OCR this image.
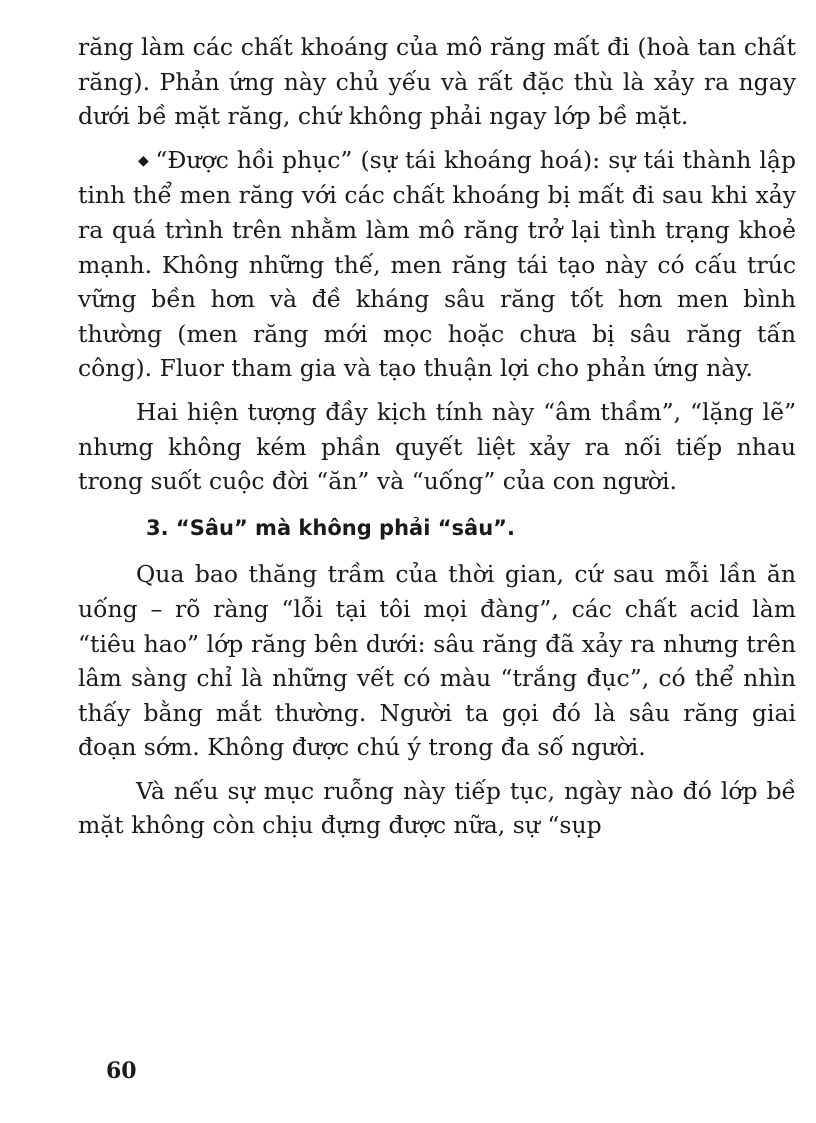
răng làm các chất khoáng của mô răng mất đi (hoà tan chất răng). Phản ứng này chủ yếu và rất đặc thù là xảy ra ngay dưới bề mặt răng, chứ không phải ngay lớp bề mặt.

◆ “Được hồi phục” (sự tái khoáng hoá): sự tái thành lập tinh thể men răng với các chất khoáng bị mất đi sau khi xảy ra quá trình trên nhằm làm mô răng trở lại tình trạng khoẻ mạnh. Không những thế, men răng tái tạo này có cấu trúc vững bền hơn và đề kháng sâu răng tốt hơn men bình thường (men răng mới mọc hoặc chưa bị sâu răng tấn công). Fluor tham gia và tạo thuận lợi cho phản ứng này.

Hai hiện tượng đầy kịch tính này “âm thầm”, “lặng lẽ” nhưng không kém phần quyết liệt xảy ra nối tiếp nhau trong suốt cuộc đời “ăn” và “uống” của con người.

3. “Sâu” mà không phải “sâu”.

Qua bao thăng trầm của thời gian, cứ sau mỗi lần ăn uống – rõ ràng “lỗi tại tôi mọi đàng”, các chất acid làm “tiêu hao” lớp răng bên dưới: sâu răng đã xảy ra nhưng trên lâm sàng chỉ là những vết có màu “trắng đục”, có thể nhìn thấy bằng mắt thường. Người ta gọi đó là sâu răng giai đoạn sớm. Không được chú ý trong đa số người.

Và nếu sự mục ruỗng này tiếp tục, ngày nào đó lớp bề mặt không còn chịu đựng được nữa, sự “sụp

60
